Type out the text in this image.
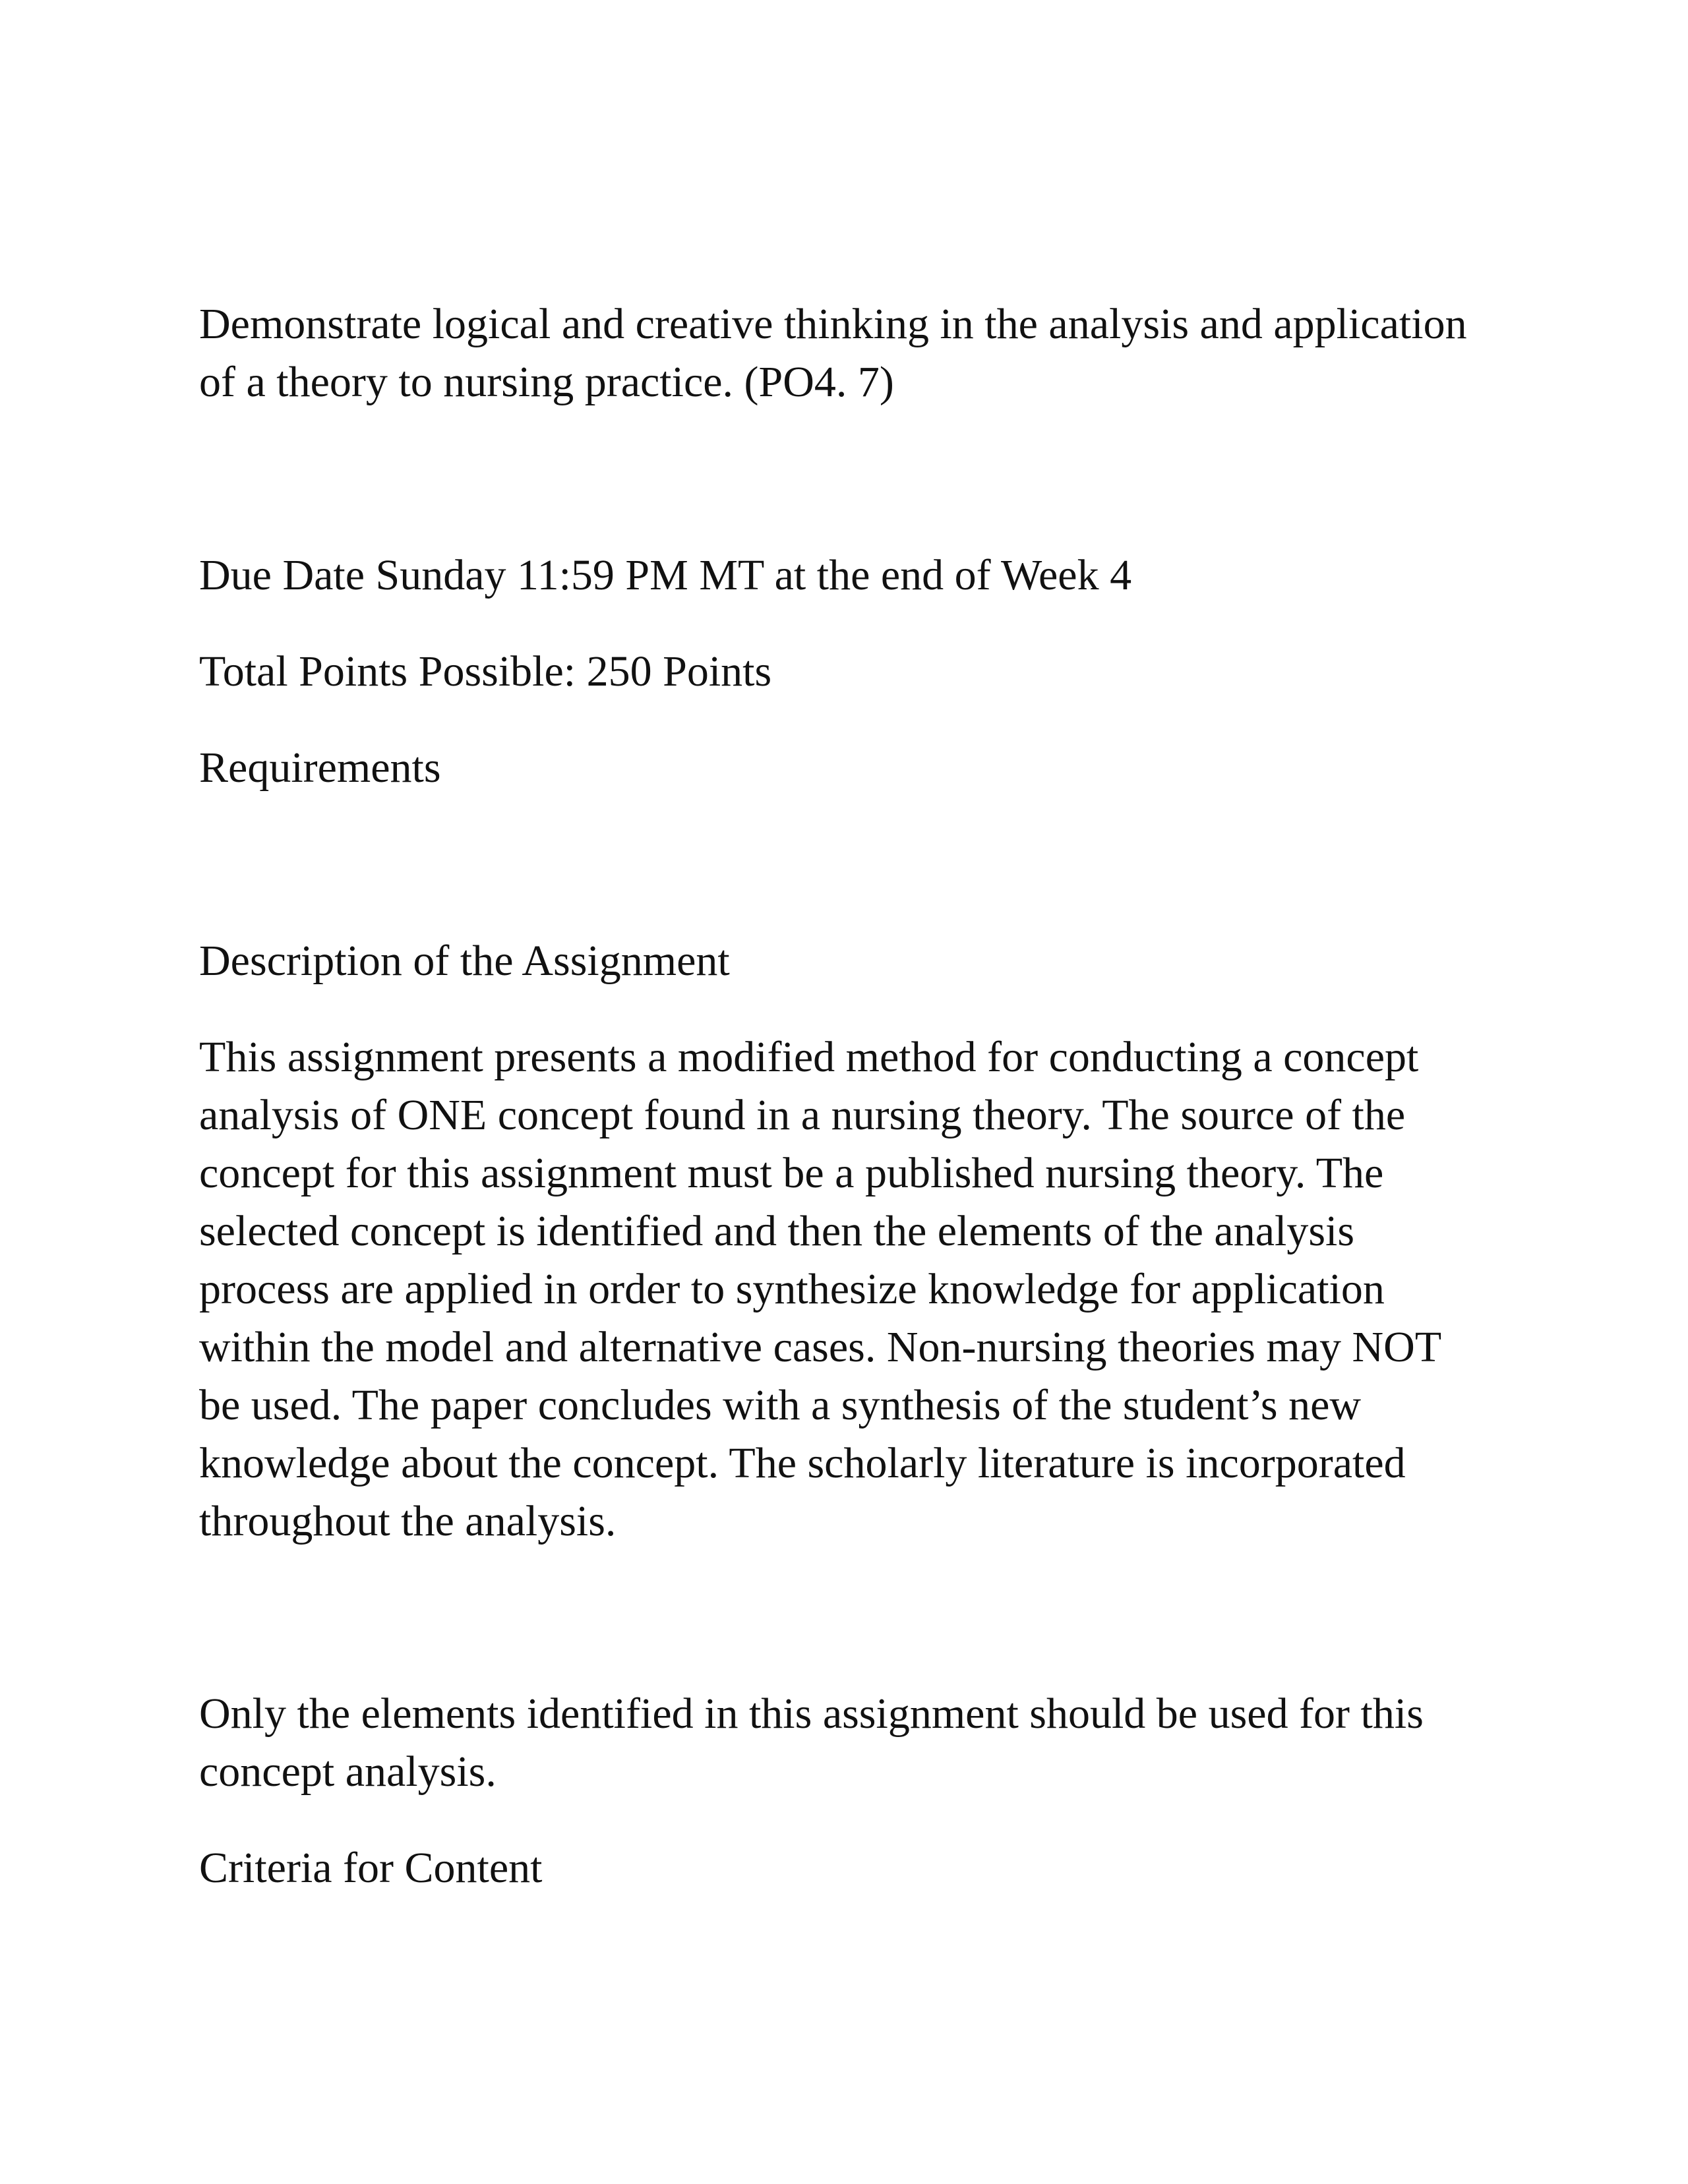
Demonstrate logical and creative thinking in the analysis and application
of a theory to nursing practice. (PO4. 7)

Due Date Sunday 11:59 PM MT at the end of Week 4

Total Points Possible: 250 Points

Requirements

Description of the Assignment

This assignment presents a modified method for conducting a concept
analysis of ONE concept found in a nursing theory. The source of the
concept for this assignment must be a published nursing theory. The
selected concept is identified and then the elements of the analysis
process are applied in order to synthesize knowledge for application
within the model and alternative cases. Non-nursing theories may NOT
be used. The paper concludes with a synthesis of the student’s new
knowledge about the concept. The scholarly literature is incorporated
throughout the analysis.

Only the elements identified in this assignment should be used for this
concept analysis.

Criteria for Content
